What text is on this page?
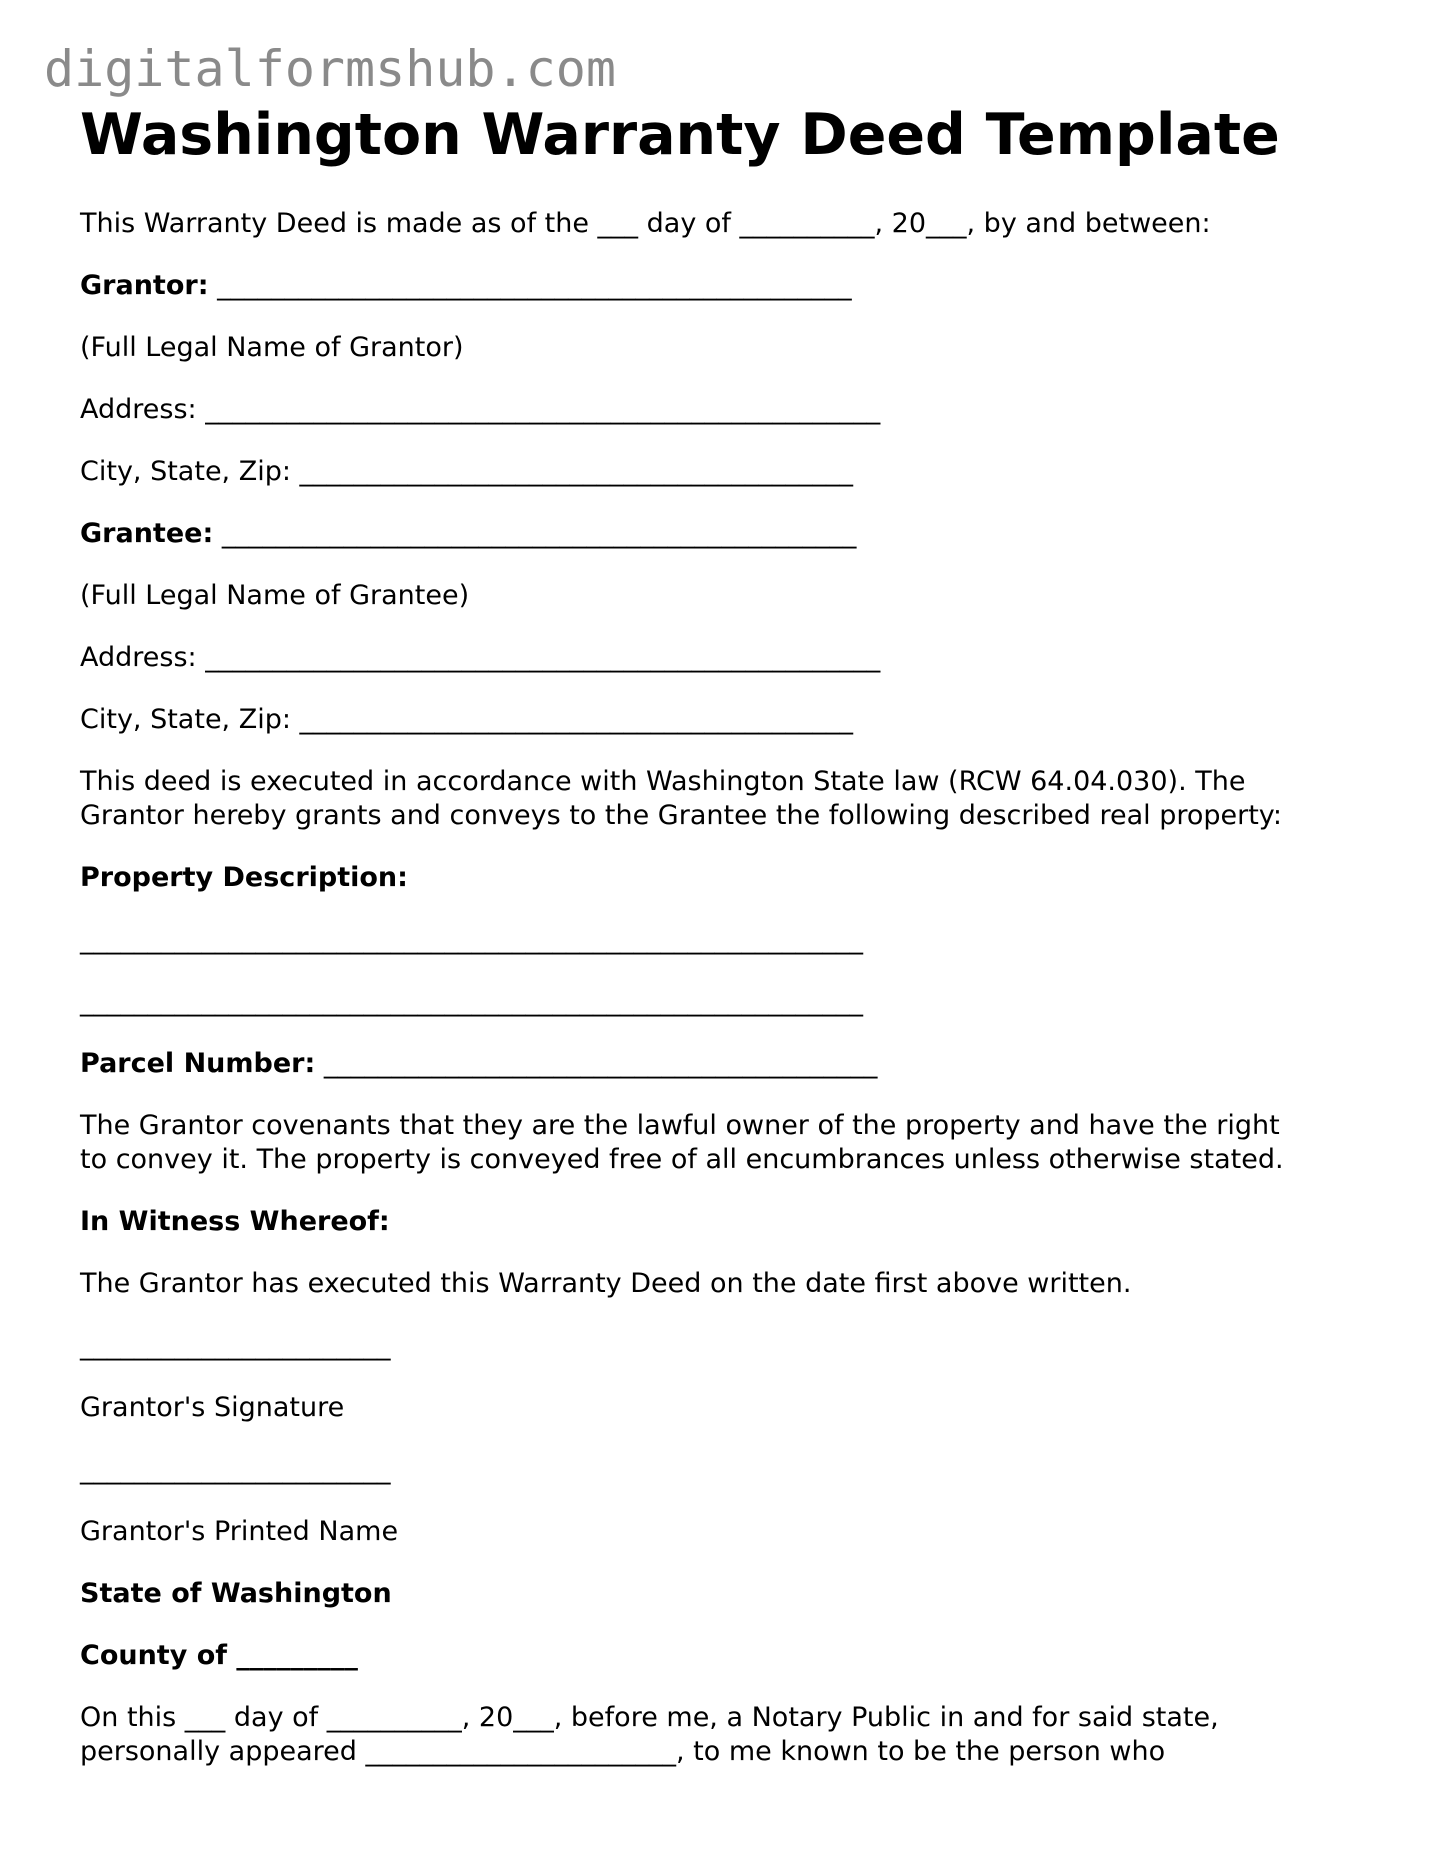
digitalformshub.com
Washington Warranty Deed Template
This Warranty Deed is made as of the ___ day of __________, 20___, by and between:
Grantor: _______________________________________________
(Full Legal Name of Grantor)
Address: __________________________________________________
City, State, Zip: _________________________________________
Grantee: _______________________________________________
(Full Legal Name of Grantee)
Address: __________________________________________________
City, State, Zip: _________________________________________
This deed is executed in accordance with Washington State law (RCW 64.04.030). The
Grantor hereby grants and conveys to the Grantee the following described real property:
Property Description:
__________________________________________________________
__________________________________________________________
Parcel Number: _________________________________________
The Grantor covenants that they are the lawful owner of the property and have the right
to convey it. The property is conveyed free of all encumbrances unless otherwise stated.
In Witness Whereof:
The Grantor has executed this Warranty Deed on the date first above written.
_______________________
Grantor's Signature
_______________________
Grantor's Printed Name
State of Washington
County of _________
On this ___ day of __________, 20___, before me, a Notary Public in and for said state,
personally appeared _______________________, to me known to be the person who
